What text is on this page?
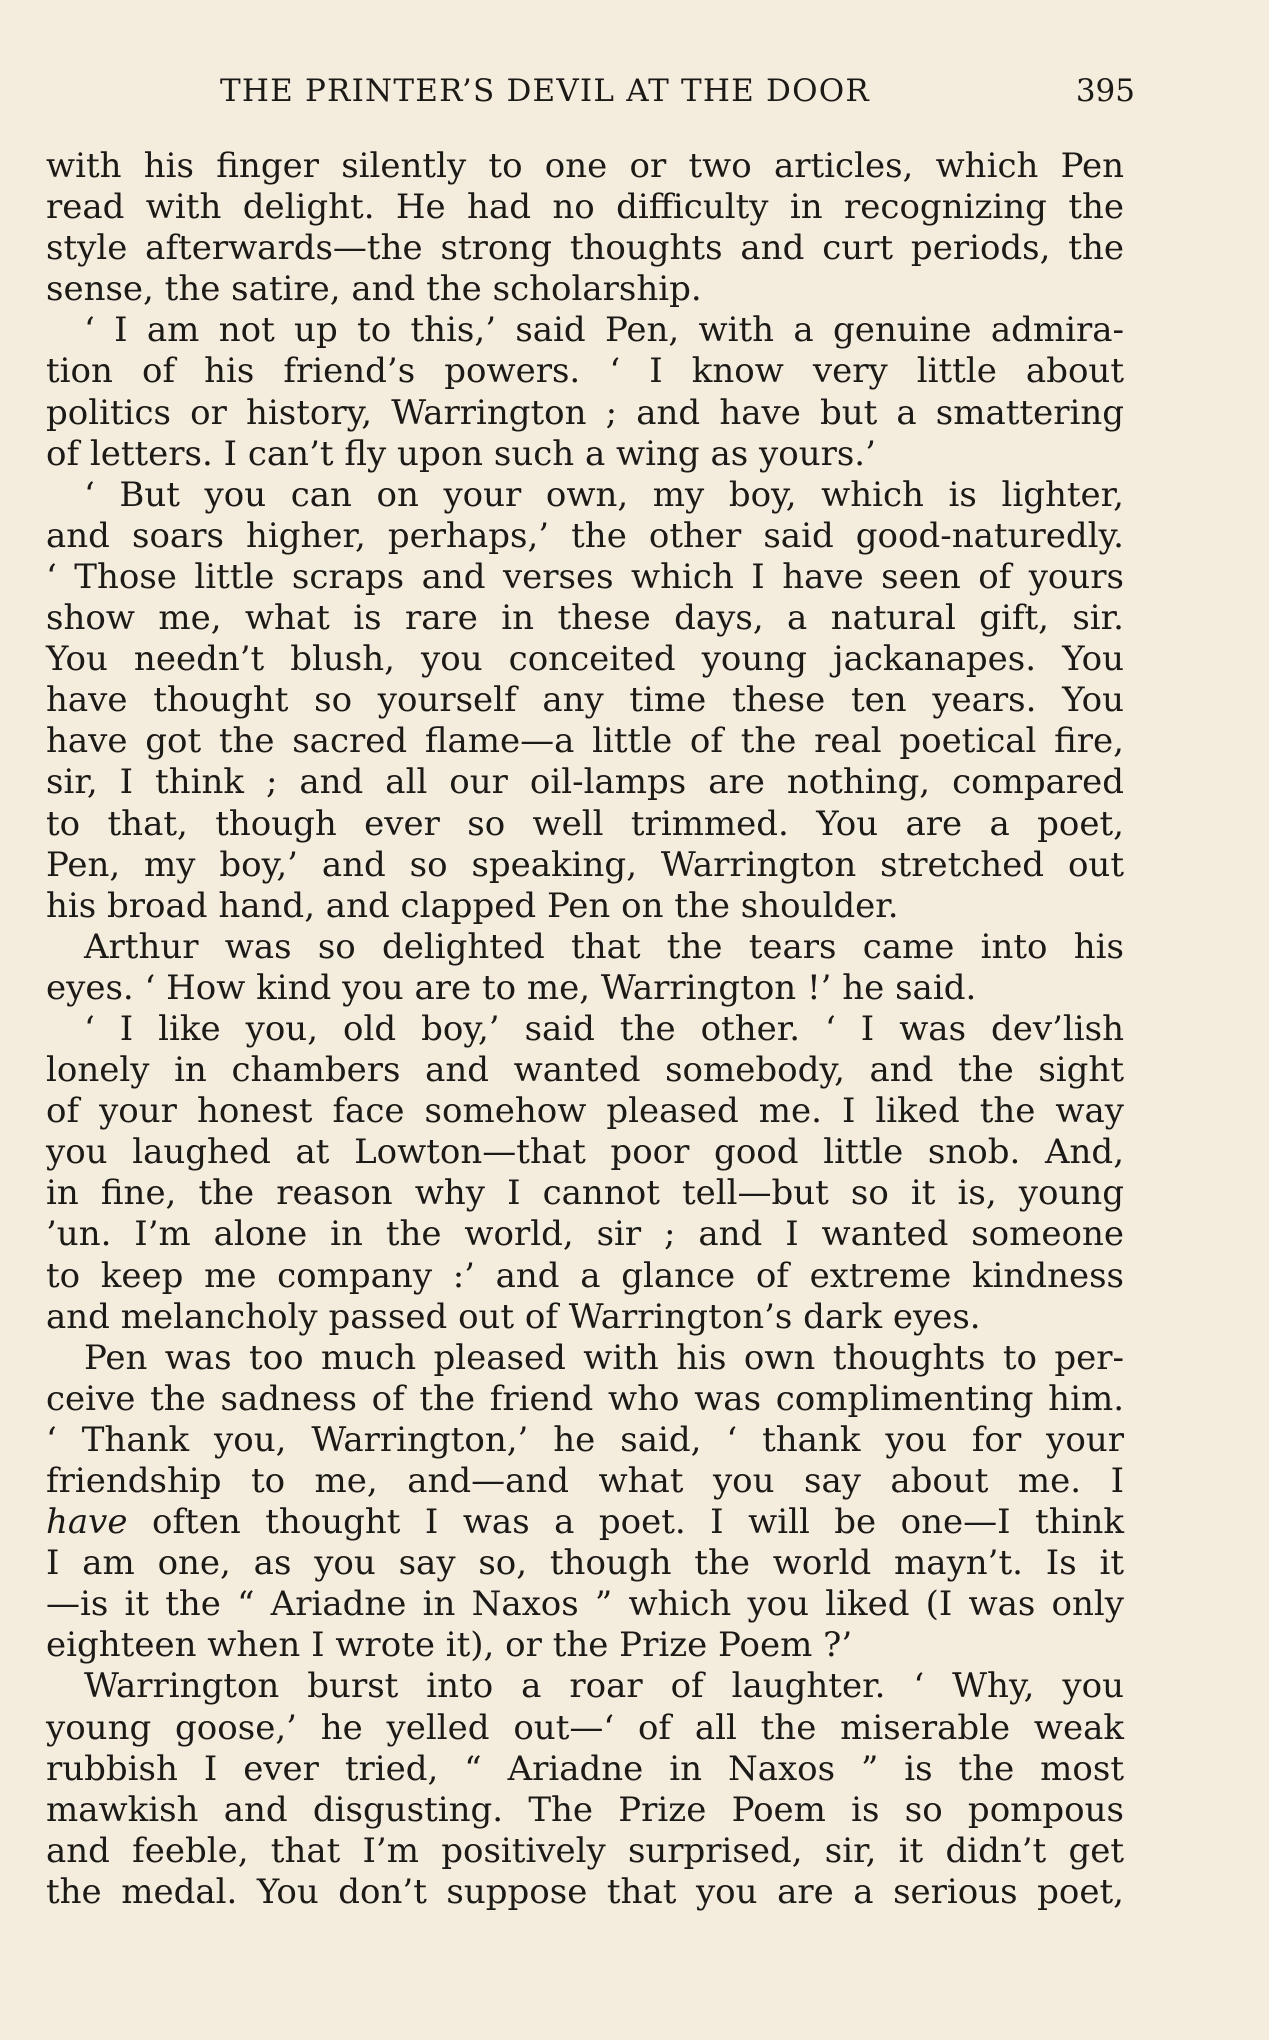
THE PRINTER’S DEVIL AT THE DOOR	395
with his finger silently to one or two articles, which Pen
read with delight. He had no difficulty in recognizing the
style afterwards—the strong thoughts and curt periods, the
sense, the satire, and the scholarship.
‘ I am not up to this,’ said Pen, with a genuine admira-
tion of his friend’s powers. ‘ I know very little about
politics or history, Warrington ; and have but a smattering
of letters. I can’t fly upon such a wing as yours.’
‘ But you can on your own, my boy, which is lighter,
and soars higher, perhaps,’ the other said good-naturedly.
‘ Those little scraps and verses which I have seen of yours
show me, what is rare in these days, a natural gift, sir.
You needn’t blush, you conceited young jackanapes. You
have thought so yourself any time these ten years. You
have got the sacred flame—a little of the real poetical fire,
sir, I think ; and all our oil-lamps are nothing, compared
to that, though ever so well trimmed. You are a poet,
Pen, my boy,’ and so speaking, Warrington stretched out
his broad hand, and clapped Pen on the shoulder.
Arthur was so delighted that the tears came into his
eyes. ‘ How kind you are to me, Warrington !’ he said.
‘ I like you, old boy,’ said the other. ‘ I was dev’lish
lonely in chambers and wanted somebody, and the sight
of your honest face somehow pleased me. I liked the way
you laughed at Lowton—that poor good little snob. And,
in fine, the reason why I cannot tell—but so it is, young
’un. I’m alone in the world, sir ; and I wanted someone
to keep me company :’ and a glance of extreme kindness
and melancholy passed out of Warrington’s dark eyes.
Pen was too much pleased with his own thoughts to per-
ceive the sadness of the friend who was complimenting him.
‘ Thank you, Warrington,’ he said, ‘ thank you for your
friendship to me, and—and what you say about me. I
have often thought I was a poet. I will be one—I think
I am one, as you say so, though the world mayn’t. Is it
—is it the “ Ariadne in Naxos ” which you liked (I was only
eighteen when I wrote it), or the Prize Poem ?’
Warrington burst into a roar of laughter. ‘ Why, you
young goose,’ he yelled out—‘ of all the miserable weak
rubbish I ever tried, “ Ariadne in Naxos ” is the most
mawkish and disgusting. The Prize Poem is so pompous
and feeble, that I’m positively surprised, sir, it didn’t get
the medal. You don’t suppose that you are a serious poet,
